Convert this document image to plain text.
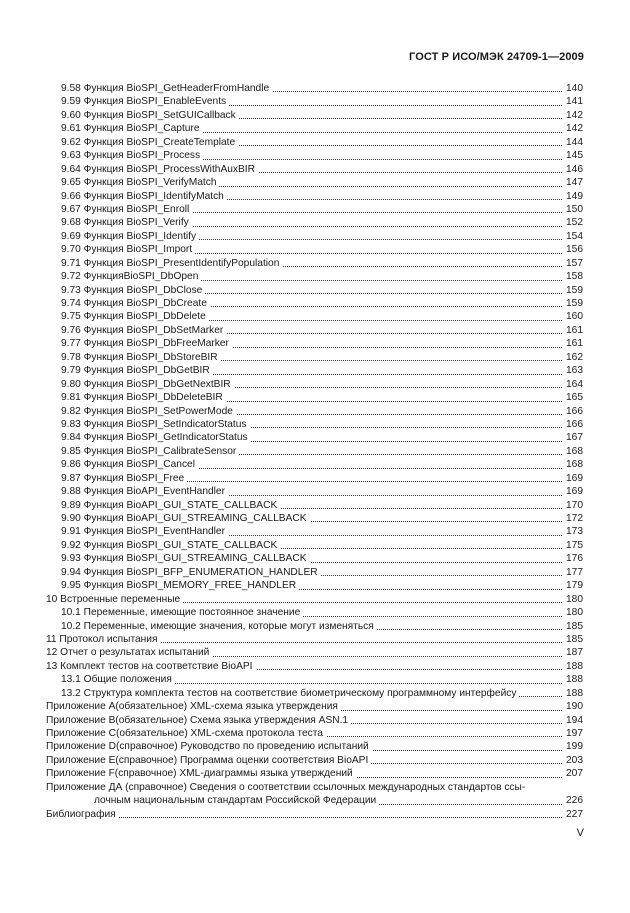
ГОСТ Р ИСО/МЭК 24709-1—2009
9.58 Функция BioSPI_GetHeaderFromHandle	140
9.59 Функция BioSPI_EnableEvents	141
9.60 Функция BioSPI_SetGUICallback	142
9.61 Функция BioSPI_Capture	142
9.62 Функция BioSPI_CreateTemplate	144
9.63 Функция BioSPI_Process	145
9.64 Функция BioSPI_ProcessWithAuxBIR	146
9.65 Функция BioSPI_VerifyMatch	147
9.66 Функция BioSPI_IdentifyMatch	149
9.67 Функция BioSPI_Enroll	150
9.68 Функция BioSPI_Verify	152
9.69 Функция BioSPI_Identify	154
9.70 Функция BioSPI_Import	156
9.71 Функция BioSPI_PresentIdentifyPopulation	157
9.72 ФункцияBioSPI_DbOpen	158
9.73 Функция BioSPI_DbClose	159
9.74 Функция BioSPI_DbCreate	159
9.75 Функция BioSPI_DbDelete	160
9.76 Функция BioSPI_DbSetMarker	161
9.77 Функция BioSPI_DbFreeMarker	161
9.78 Функция BioSPI_DbStoreBIR	162
9.79 Функция BioSPI_DbGetBIR	163
9.80 Функция BioSPI_DbGetNextBIR	164
9.81 Функция BioSPI_DbDeleteBIR	165
9.82 Функция BioSPI_SetPowerMode	166
9.83 Функция BioSPI_SetIndicatorStatus	166
9.84 Функция BioSPI_GetIndicatorStatus	167
9.85 Функция BioSPI_CalibrateSensor	168
9.86 Функция BioSPI_Cancel	168
9.87 Функция BioSPI_Free	169
9.88 Функция BioAPI_EventHandler	169
9.89 Функция BioAPI_GUI_STATE_CALLBACK	170
9.90 Функция BioAPI_GUI_STREAMING_CALLBACK	172
9.91 Функция BioSPI_EventHandler	173
9.92 Функция BioSPI_GUI_STATE_CALLBACK	175
9.93 Функция BioSPI_GUI_STREAMING_CALLBACK	176
9.94 Функция BioSPI_BFP_ENUMERATION_HANDLER	177
9.95 Функция BioSPI_MEMORY_FREE_HANDLER	179
10 Встроенные переменные	180
10.1 Переменные, имеющие постоянное значение	180
10.2 Переменные, имеющие значения, которые могут изменяться	185
11 Протокол испытания	185
12 Отчет о результатах испытаний	187
13 Комплект тестов на соответствие BioAPI	188
13.1 Общие положения	188
13.2 Структура комплекта тестов на соответствие биометрическому программному интерфейсу	188
Приложение A(обязательное) XML-схема языка утверждения	190
Приложение B(обязательное) Схема языка утверждения ASN.1	194
Приложение C(обязательное) XML-схема протокола теста	197
Приложение D(справочное) Руководство по проведению испытаний	199
Приложение E(справочное) Программа оценки соответствия BioAPI	203
Приложение F(справочное) XML-диаграммы языка утверждений	207
Приложение ДА (справочное) Сведения о соответствии ссылочных международных стандартов ссы-
лочным национальным стандартам Российской Федерации	226
Библиография	227
V
